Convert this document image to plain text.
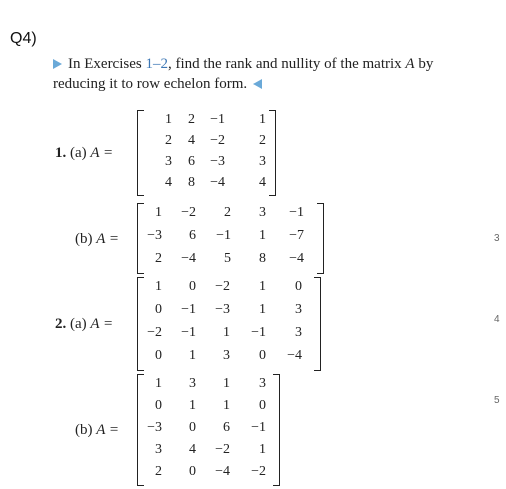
Q4)
In Exercises 1–2, find the rank and nullity of the matrix A by
reducing it to row echelon form.
1. (a) A =
1	2	−1	1
2	4	−2	2
3	6	−3	3
4	8	−4	4
(b) A =
1	−2	2	3	−1
−3	6	−1	1	−7
2	−4	5	8	−4
2. (a) A =
1	0	−2	1	0
0	−1	−3	1	3
−2	−1	1	−1	3
0	1	3	0	−4
(b) A =
1	3	1	3
0	1	1	0
−3	0	6	−1
3	4	−2	1
2	0	−4	−2
3
4
5
